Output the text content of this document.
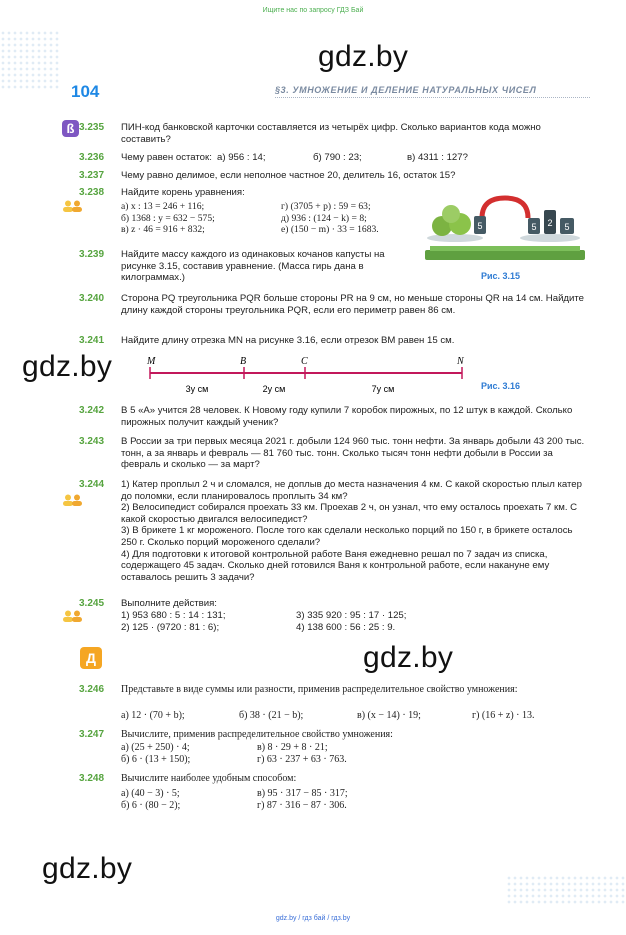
Ищите нас по запросу ГДЗ Бай
gdz.by
gdz.by
gdz.by
gdz.by
104	§3. УМНОЖЕНИЕ И ДЕЛЕНИЕ НАТУРАЛЬНЫХ ЧИСЕЛ
ß 3.235 ПИН-код банковской карточки составляется из четырёх цифр. Сколько вариантов кода можно составить?
3.236 Чему равен остаток: а) 956 : 14;	б) 790 : 23;	в) 4311 : 127?
3.237 Чему равно делимое, если неполное частное 20, делитель 16, остаток 15?
3.238 Найдите корень уравнения:
а) x : 13 = 246 + 116;	г) (3705 + p) : 59 = 63;
б) 1368 : y = 632 − 575;	д) 936 : (124 − k) = 8;
в) z · 46 = 916 + 832;	е) (150 − m) · 33 = 1683.	5	5 2 5
Рис. 3.15
3.239 Найдите массу каждого из одинаковых кочанов капусты на рисунке 3.15, составив уравнение. (Масса гирь дана в килограммах.)
3.240 Сторона PQ треугольника PQR больше стороны PR на 9 см, но меньше стороны QR на 14 см. Найдите длину каждой стороны треугольника PQR, если его периметр равен 86 см.
3.241 Найдите длину отрезка MN на рисунке 3.16, если отрезок BM равен 15 см.
M	B	C	N
3y см	2y см	7y см	Рис. 3.16
3.242 В 5 «А» учится 28 человек. К Новому году купили 7 коробок пирожных, по 12 штук в каждой. Сколько пирожных получит каждый ученик?
3.243 В России за три первых месяца 2021 г. добыли 124 960 тыс. тонн нефти. За январь добыли 43 200 тыс. тонн, а за январь и февраль — 81 760 тыс. тонн. Сколько тысяч тонн нефти добыли в России за февраль и сколько — за март?
3.244 1) Катер проплыл 2 ч и сломался, не доплыв до места назначения 4 км. С какой скоростью плыл катер до поломки, если планировалось проплыть 34 км?
2) Велосипедист собирался проехать 33 км. Проехав 2 ч, он узнал, что ему осталось проехать 7 км. С какой скоростью двигался велосипедист?
3) В брикете 1 кг мороженого. После того как сделали несколько порций по 150 г, в брикете осталось 250 г. Сколько порций мороженого сделали?
4) Для подготовки к итоговой контрольной работе Ваня ежедневно решал по 7 задач из списка, содержащего 45 задач. Сколько дней готовился Ваня к контрольной работе, если накануне ему оставалось решить 3 задачи?
3.245 Выполните действия:
1) 953 680 : 5 : 14 : 131;	3) 335 920 : 95 : 17 · 125;
2) 125 · (9720 : 81 : 6);	4) 138 600 : 56 : 25 : 9.
Д
3.246 Представьте в виде суммы или разности, применив распределительное свойство умножения:
а) 12 · (70 + b);	б) 38 · (21 − b);	в) (x − 14) · 19;	г) (16 + z) · 13.
3.247 Вычислите, применив распределительное свойство умножения:
а) (25 + 250) · 4;	в) 8 · 29 + 8 · 21;
б) 6 · (13 + 150);	г) 63 · 237 + 63 · 763.
3.248 Вычислите наиболее удобным способом:
а) (40 − 3) · 5;	в) 95 · 317 − 85 · 317;
б) 6 · (80 − 2);	г) 87 · 316 − 87 · 306.
gdz.by / гдз бай / гдз.by
